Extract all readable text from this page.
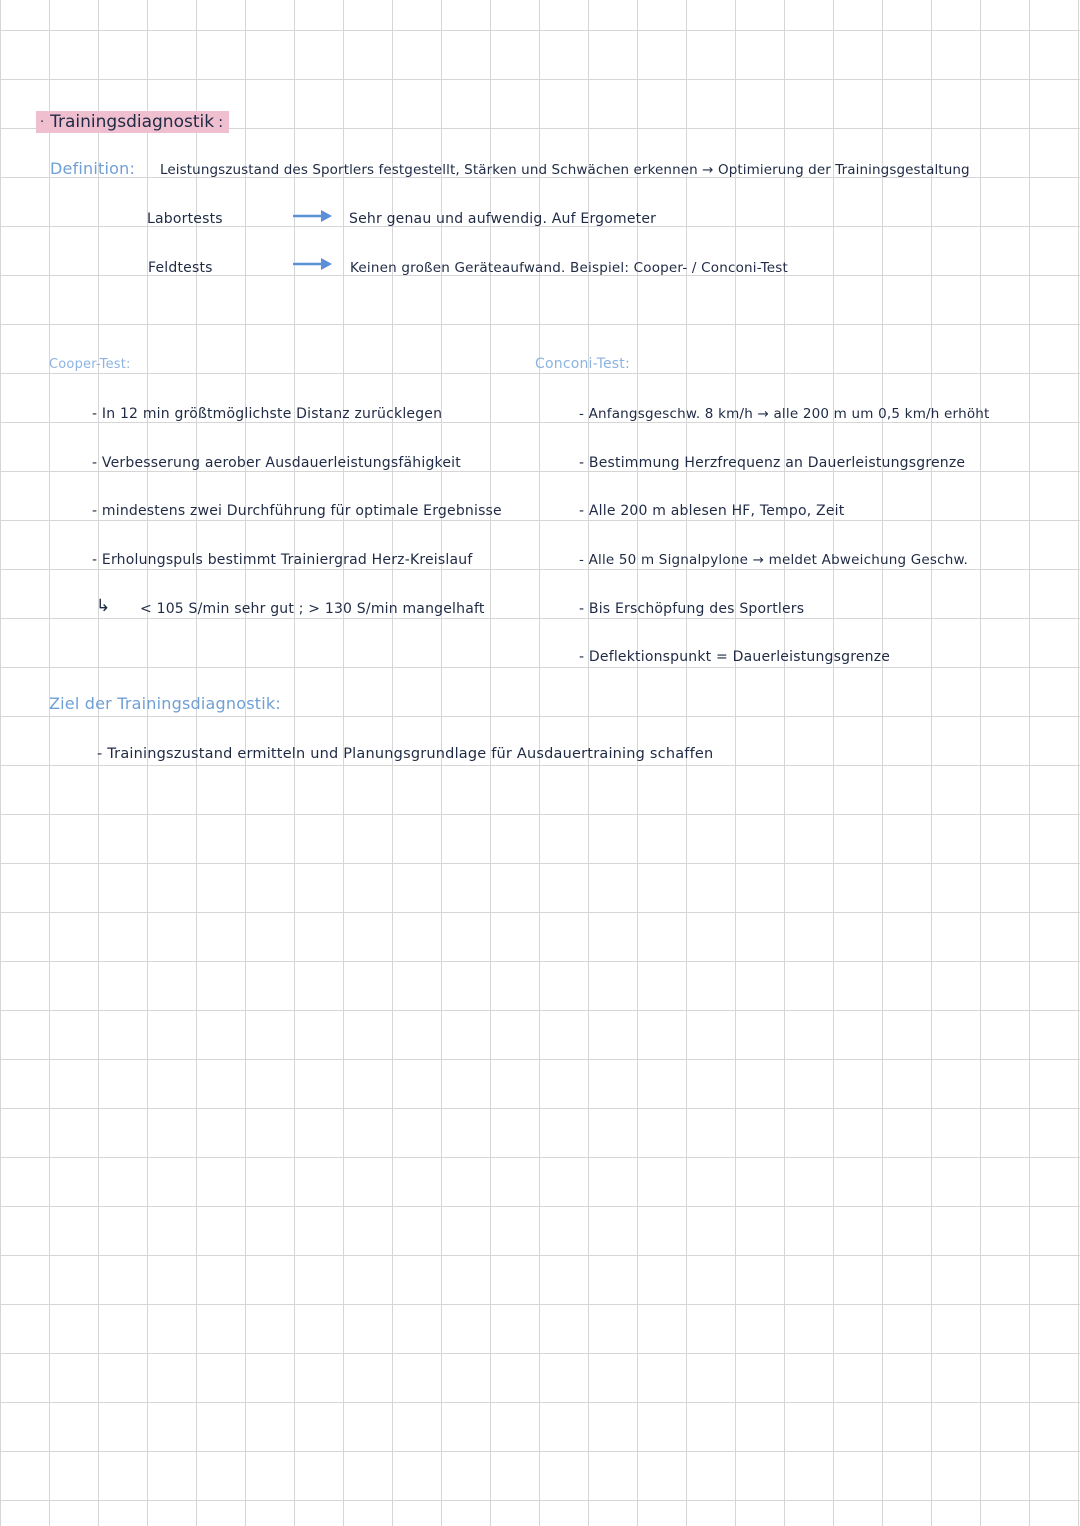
· Trainingsdiagnostik :
Definition: Leistungszustand des Sportlers festgestellt, Stärken und Schwächen erkennen → Optimierung der Trainingsgestaltung
Labortests	Sehr genau und aufwendig. Auf Ergometer
Feldtests	Keinen großen Geräteaufwand. Beispiel: Cooper- / Conconi-Test
Cooper-Test:
- In 12 min größtmöglichste Distanz zurücklegen
- Verbesserung aerober Ausdauerleistungsfähigkeit
- mindestens zwei Durchführung für optimale Ergebnisse
- Erholungspuls bestimmt Trainiergrad Herz-Kreislauf
↳ < 105 S/min sehr gut ; > 130 S/min mangelhaft
Conconi-Test:
- Anfangsgeschw. 8 km/h → alle 200 m um 0,5 km/h erhöht
- Bestimmung Herzfrequenz an Dauerleistungsgrenze
- Alle 200 m ablesen HF, Tempo, Zeit
- Alle 50 m Signalpylone → meldet Abweichung Geschw.
- Bis Erschöpfung des Sportlers
- Deflektionspunkt = Dauerleistungsgrenze
Ziel der Trainingsdiagnostik:
- Trainingszustand ermitteln und Planungsgrundlage für Ausdauertraining schaffen
